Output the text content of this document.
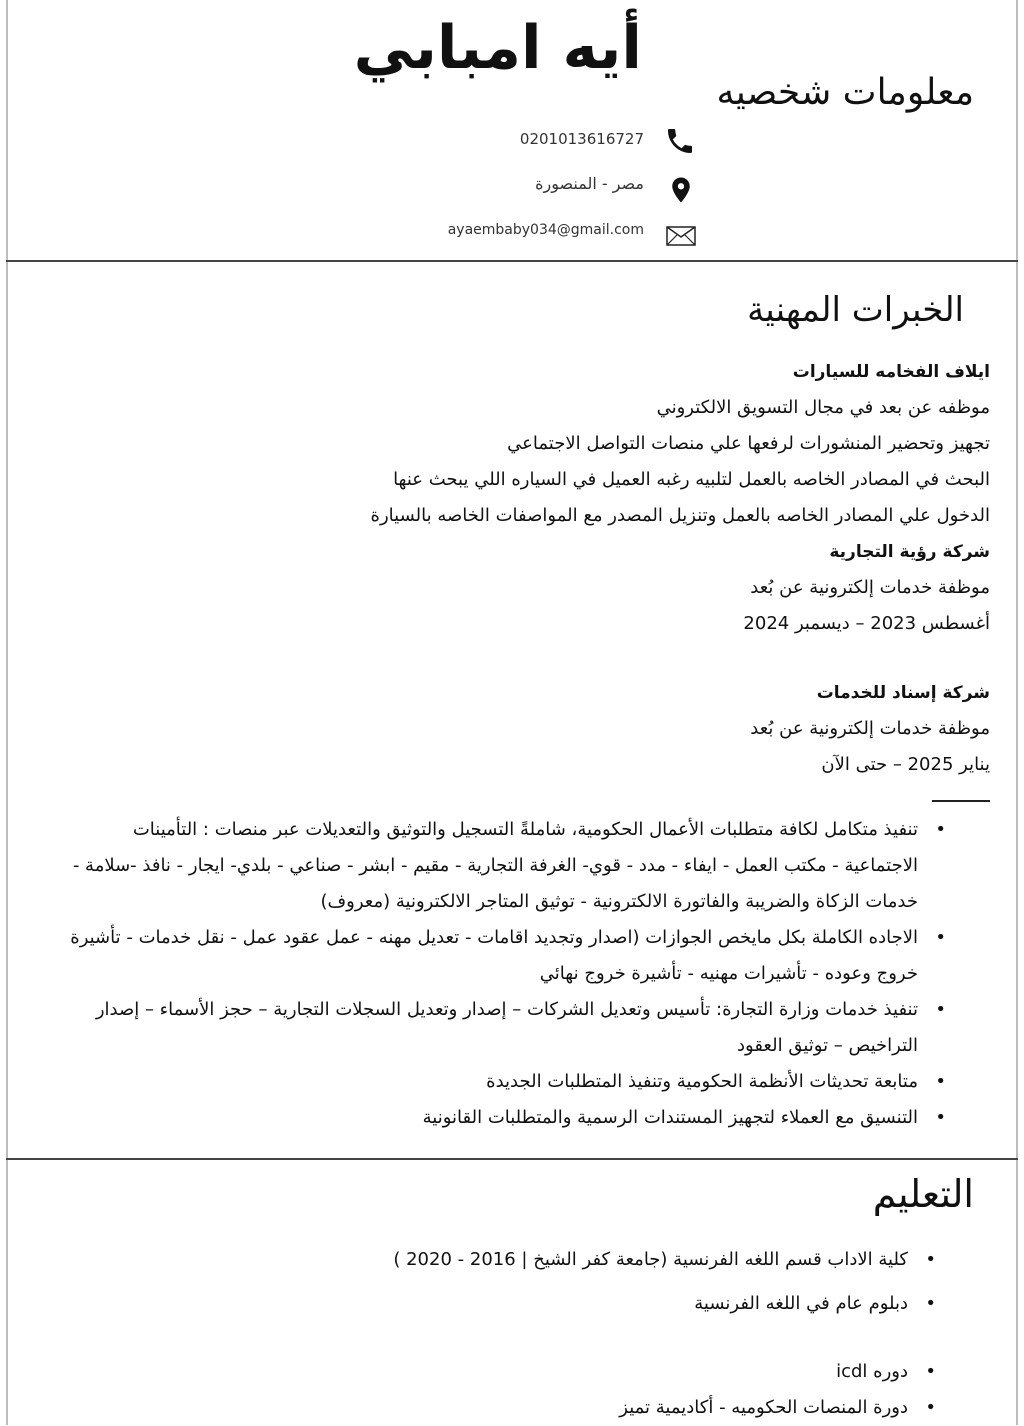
أيه امبابي
معلومات شخصيه
0201013616727
مصر - المنصورة
ayaembaby034@gmail.com
الخبرات المهنية
ايلاف الفخامه للسيارات
موظفه عن بعد في مجال التسويق الالكتروني
تجهيز وتحضير المنشورات لرفعها علي منصات التواصل الاجتماعي
البحث في المصادر الخاصه بالعمل لتلبيه رغبه العميل في السياره اللي يبحث عنها
الدخول علي المصادر الخاصه بالعمل وتنزيل المصدر مع المواصفات الخاصه بالسيارة
شركة رؤية التجارية
موظفة خدمات إلكترونية عن بُعد
أغسطس 2023 – ديسمبر 2024
شركة إسناد للخدمات
موظفة خدمات إلكترونية عن بُعد
يناير 2025 – حتى الآن
• تنفيذ متكامل لكافة متطلبات الأعمال الحكومية، شاملةً التسجيل والتوثيق والتعديلات عبر منصات : التأمينات الاجتماعية - مكتب العمل - ايفاء - مدد - قوي- الغرفة التجارية - مقيم - ابشر - صناعي - بلدي- ايجار - نافذ -سلامة - خدمات الزكاة والضريبة والفاتورة الالكترونية - توثيق المتاجر الالكترونية (معروف)
• الاجاده الكاملة بكل مايخص الجوازات (اصدار وتجديد اقامات - تعديل مهنه - عمل عقود عمل - نقل خدمات - تأشيرة خروج وعوده - تأشيرات مهنيه - تأشيرة خروج نهائي
• تنفيذ خدمات وزارة التجارة: تأسيس وتعديل الشركات – إصدار وتعديل السجلات التجارية – حجز الأسماء – إصدار التراخيص – توثيق العقود
• متابعة تحديثات الأنظمة الحكومية وتنفيذ المتطلبات الجديدة
• التنسيق مع العملاء لتجهيز المستندات الرسمية والمتطلبات القانونية
التعليم
• كلية الاداب قسم اللغه الفرنسية (جامعة كفر الشيخ | 2016 - 2020 )
• دبلوم عام في اللغه الفرنسية
• دوره icdl
• دورة المنصات الحكوميه - أكاديمية تميز
